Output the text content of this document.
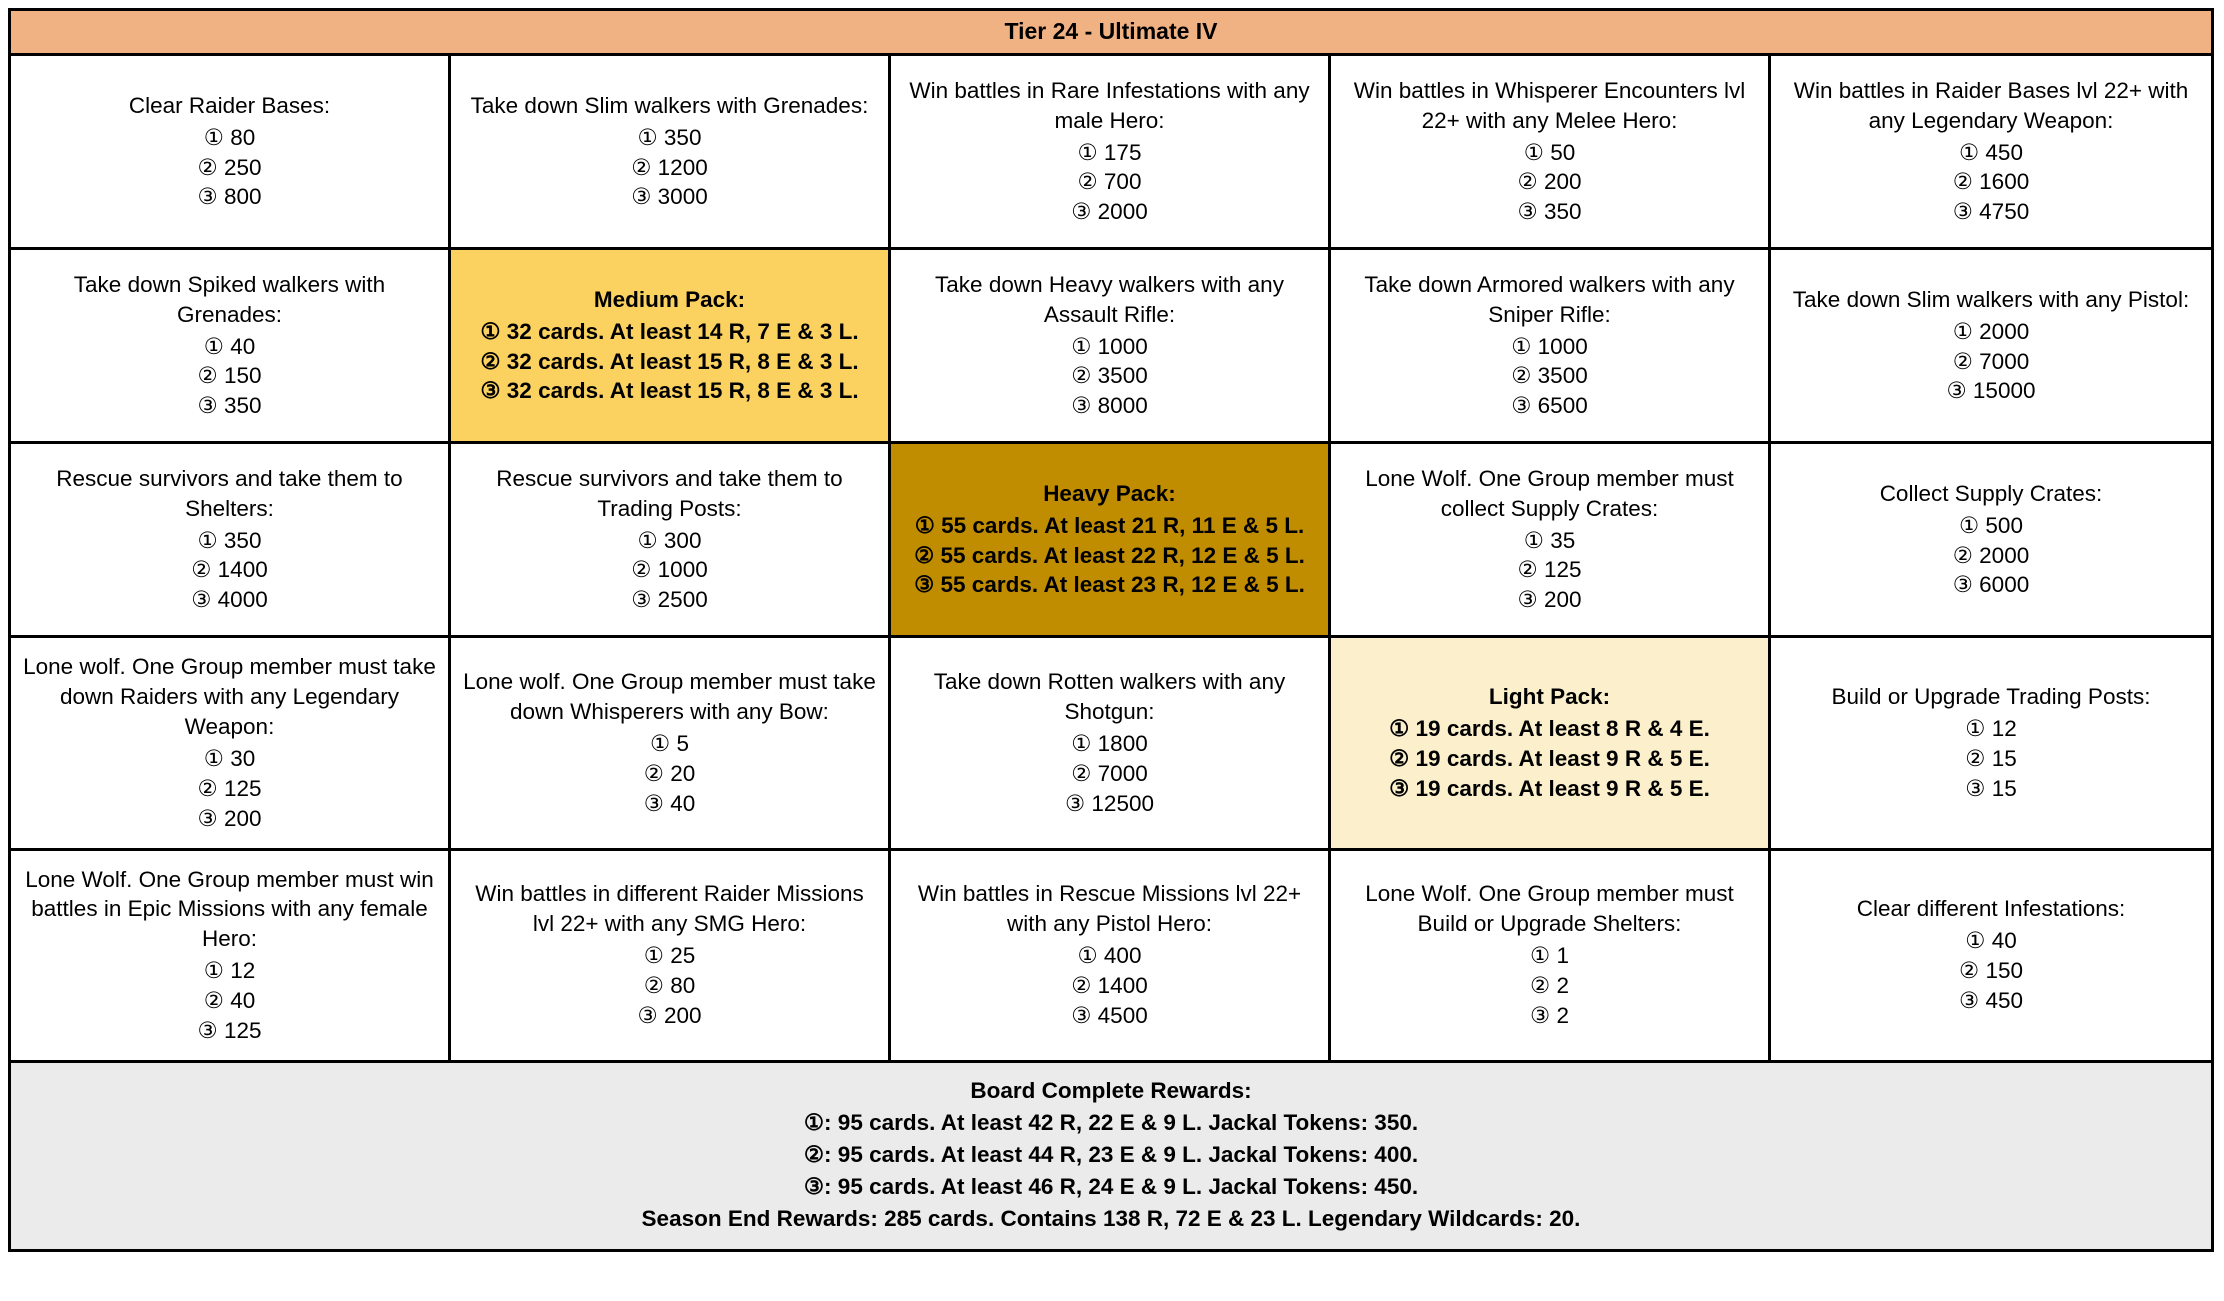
Tier 24 - Ultimate IV
Clear Raider Bases:
① 80
② 250
③ 800
Take down Slim walkers with Grenades:
① 350
② 1200
③ 3000
Win battles in Rare Infestations with any male Hero:
① 175
② 700
③ 2000
Win battles in Whisperer Encounters lvl 22+ with any Melee Hero:
① 50
② 200
③ 350
Win battles in Raider Bases lvl 22+ with any Legendary Weapon:
① 450
② 1600
③ 4750
Take down Spiked walkers with Grenades:
① 40
② 150
③ 350
Medium Pack:
① 32 cards. At least 14 R, 7 E & 3 L.
② 32 cards. At least 15 R, 8 E & 3 L.
③ 32 cards. At least 15 R, 8 E & 3 L.
Take down Heavy walkers with any Assault Rifle:
① 1000
② 3500
③ 8000
Take down Armored walkers with any Sniper Rifle:
① 1000
② 3500
③ 6500
Take down Slim walkers with any Pistol:
① 2000
② 7000
③ 15000
Rescue survivors and take them to Shelters:
① 350
② 1400
③ 4000
Rescue survivors and take them to Trading Posts:
① 300
② 1000
③ 2500
Heavy Pack:
① 55 cards. At least 21 R, 11 E & 5 L.
② 55 cards. At least 22 R, 12 E & 5 L.
③ 55 cards. At least 23 R, 12 E & 5 L.
Lone Wolf. One Group member must collect Supply Crates:
① 35
② 125
③ 200
Collect Supply Crates:
① 500
② 2000
③ 6000
Lone wolf. One Group member must take down Raiders with any Legendary Weapon:
① 30
② 125
③ 200
Lone wolf. One Group member must take down Whisperers with any Bow:
① 5
② 20
③ 40
Take down Rotten walkers with any Shotgun:
① 1800
② 7000
③ 12500
Light Pack:
① 19 cards. At least 8 R & 4 E.
② 19 cards. At least 9 R & 5 E.
③ 19 cards. At least 9 R & 5 E.
Build or Upgrade Trading Posts:
① 12
② 15
③ 15
Lone Wolf. One Group member must win battles in Epic Missions with any female Hero:
① 12
② 40
③ 125
Win battles in different Raider Missions lvl 22+ with any SMG Hero:
① 25
② 80
③ 200
Win battles in Rescue Missions lvl 22+ with any Pistol Hero:
① 400
② 1400
③ 4500
Lone Wolf. One Group member must Build or Upgrade Shelters:
① 1
② 2
③ 2
Clear different Infestations:
① 40
② 150
③ 450
Board Complete Rewards:
①: 95 cards. At least 42 R, 22 E & 9 L. Jackal Tokens: 350.
②: 95 cards. At least 44 R, 23 E & 9 L. Jackal Tokens: 400.
③: 95 cards. At least 46 R, 24 E & 9 L. Jackal Tokens: 450.
Season End Rewards: 285 cards. Contains 138 R, 72 E & 23 L. Legendary Wildcards: 20.
